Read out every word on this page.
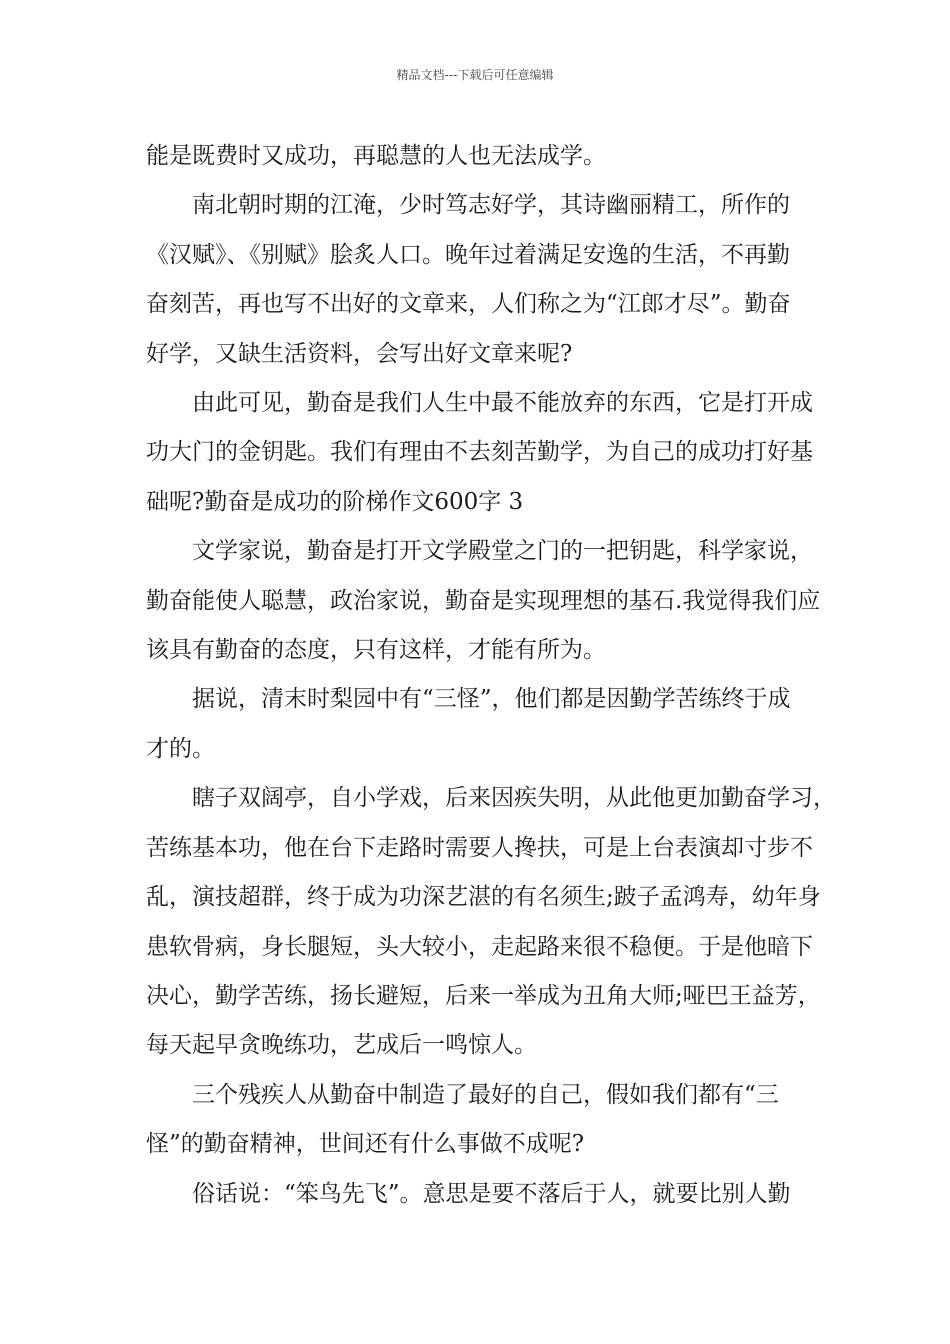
精品文档---下载后可任意编辑

能是既费时又成功，再聪慧的人也无法成学。

南北朝时期的江淹，少时笃志好学，其诗幽丽精工，所作的
《汉赋》、《别赋》脍炙人口。晚年过着满足安逸的生活，不再勤
奋刻苦，再也写不出好的文章来，人们称之为“江郎才尽”。勤奋
好学，又缺生活资料，会写出好文章来呢?

由此可见，勤奋是我们人生中最不能放弃的东西，它是打开成
功大门的金钥匙。我们有理由不去刻苦勤学，为自己的成功打好基
础呢?勤奋是成功的阶梯作文600字 3

文学家说，勤奋是打开文学殿堂之门的一把钥匙，科学家说，
勤奋能使人聪慧，政治家说，勤奋是实现理想的基石.我觉得我们应
该具有勤奋的态度，只有这样，才能有所为。

据说，清末时梨园中有“三怪”，他们都是因勤学苦练终于成
才的。

瞎子双阔亭，自小学戏，后来因疾失明，从此他更加勤奋学习，
苦练基本功，他在台下走路时需要人搀扶，可是上台表演却寸步不
乱，演技超群，终于成为功深艺湛的有名须生;跛子孟鸿寿，幼年身
患软骨病，身长腿短，头大较小，走起路来很不稳便。于是他暗下
决心，勤学苦练，扬长避短，后来一举成为丑角大师;哑巴王益芳，
每天起早贪晚练功，艺成后一鸣惊人。

三个残疾人从勤奋中制造了最好的自己，假如我们都有“三
怪”的勤奋精神，世间还有什么事做不成呢?

俗话说：“笨鸟先飞”。意思是要不落后于人，就要比别人勤
